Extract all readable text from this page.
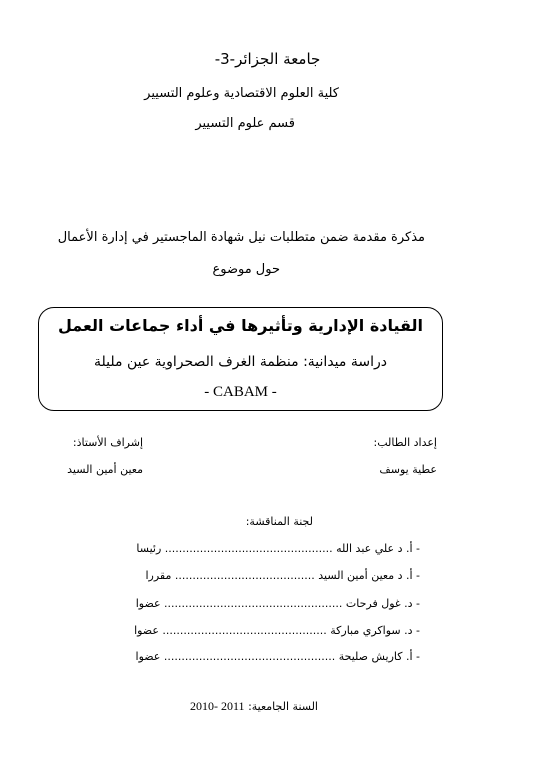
جامعة الجزائر-3-
كلية العلوم الاقتصادية وعلوم التسيير
قسم علوم التسيير
مذكرة مقدمة ضمن متطلبات نيل شهادة الماجستير في إدارة الأعمال
حول موضوع
القيادة الإدارية وتأثيرها في أداء جماعات العمل
دراسة ميدانية: منظمة الغرف الصحراوية عين مليلة
- CABAM -
إعداد الطالب:
عطية يوسف
إشراف الأستاذ:
معين أمين السيد
لجنة المناقشة:
- أ. د علي عبد الله ................................................ رئيسا
- أ. د معين أمين السيد ........................................ مقررا
- د. غول فرحات ................................................... عضوا
- د. سواكري مباركة ............................................... عضوا
- أ. كاريش صليحة ................................................. عضوا
السنة الجامعية: 2010- 2011
